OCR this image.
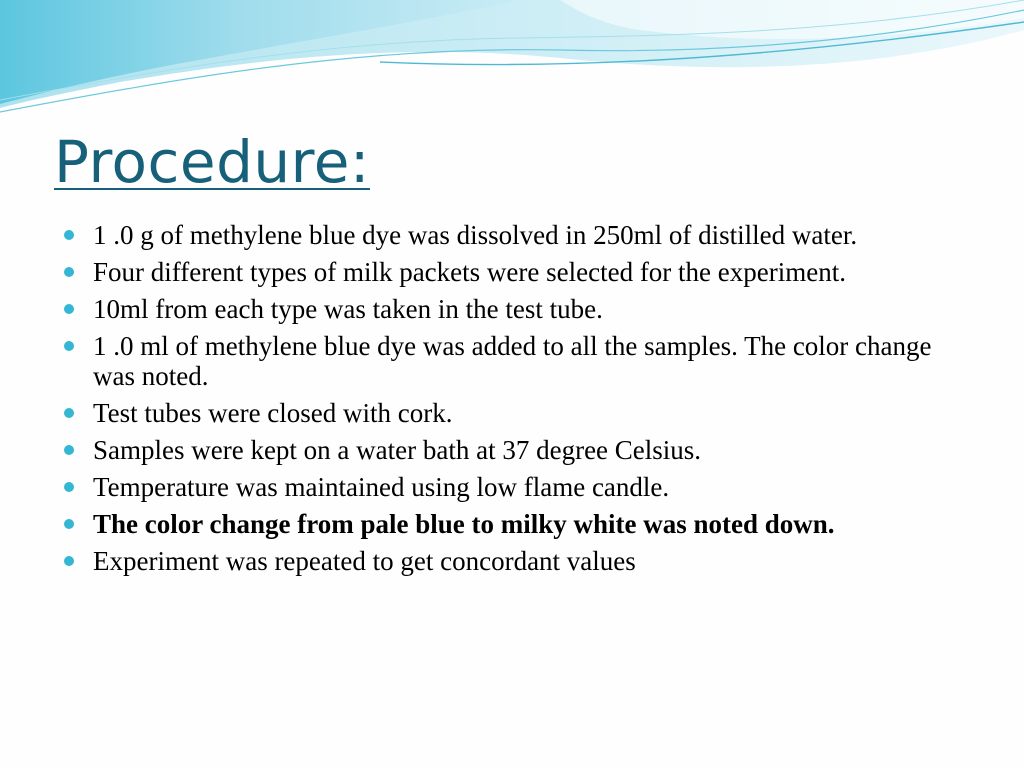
Procedure:
1 .0 g of methylene blue dye was dissolved in 250ml of distilled water.
Four different types of milk packets were selected for the experiment.
10ml from each type was taken in the test tube.
1 .0 ml of methylene blue dye was added to all the samples. The color change was noted.
Test tubes were closed with cork.
Samples were kept on a water bath at 37 degree Celsius.
Temperature was maintained using low flame candle.
The color change from pale blue to milky white was noted down.
Experiment was repeated to get concordant values
